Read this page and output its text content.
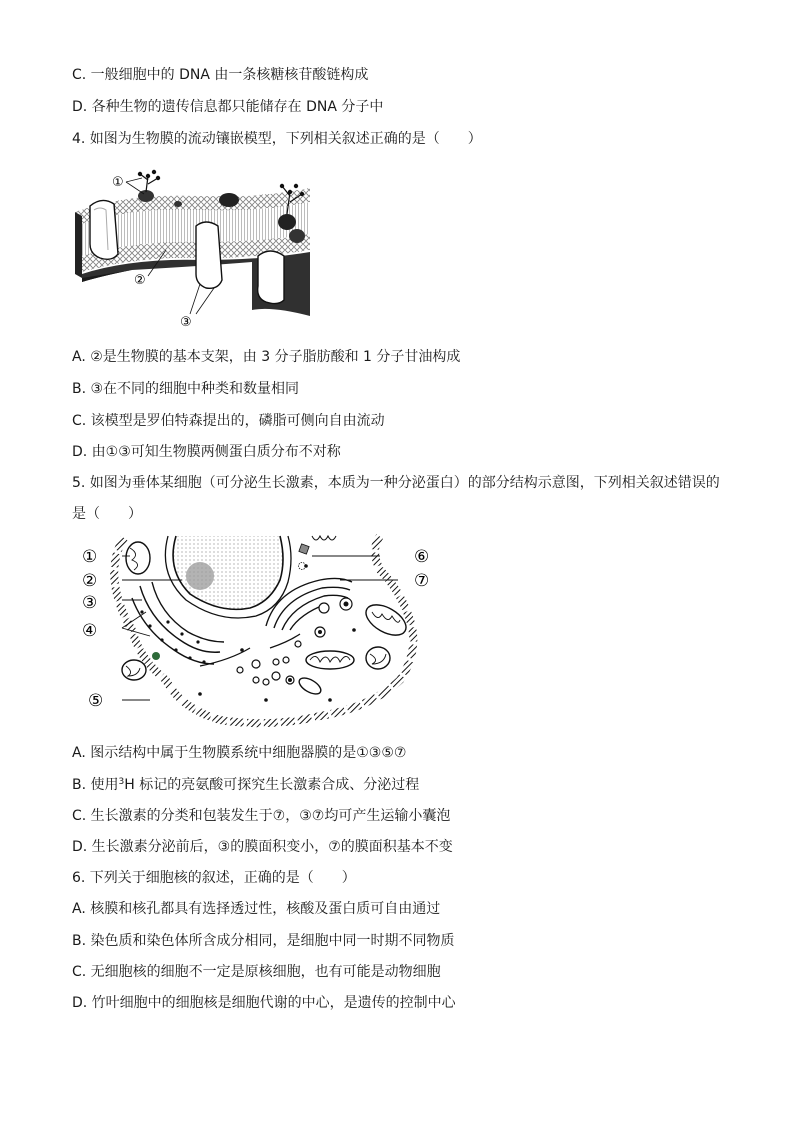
C. 一般细胞中的 DNA 由一条核糖核苷酸链构成
D. 各种生物的遗传信息都只能储存在 DNA 分子中
4. 如图为生物膜的流动镶嵌模型，下列相关叙述正确的是（　　）
①
②
③
A. ②是生物膜的基本支架，由 3 分子脂肪酸和 1 分子甘油构成
B. ③在不同的细胞中种类和数量相同
C. 该模型是罗伯特森提出的，磷脂可侧向自由流动
D. 由①③可知生物膜两侧蛋白质分布不对称
5. 如图为垂体某细胞（可分泌生长激素，本质为一种分泌蛋白）的部分结构示意图，下列相关叙述错误的
是（　　）
①
②
③
④
⑤
⑥
⑦
A. 图示结构中属于生物膜系统中细胞器膜的是①③⑤⑦
B. 使用$^3$H 标记的亮氨酸可探究生长激素合成、分泌过程
C. 生长激素的分类和包装发生于⑦，③⑦均可产生运输小囊泡
D. 生长激素分泌前后，③的膜面积变小，⑦的膜面积基本不变
6. 下列关于细胞核的叙述，正确的是（　　）
A. 核膜和核孔都具有选择透过性，核酸及蛋白质可自由通过
B. 染色质和染色体所含成分相同，是细胞中同一时期不同物质
C. 无细胞核的细胞不一定是原核细胞，也有可能是动物细胞
D. 竹叶细胞中的细胞核是细胞代谢的中心，是遗传的控制中心
